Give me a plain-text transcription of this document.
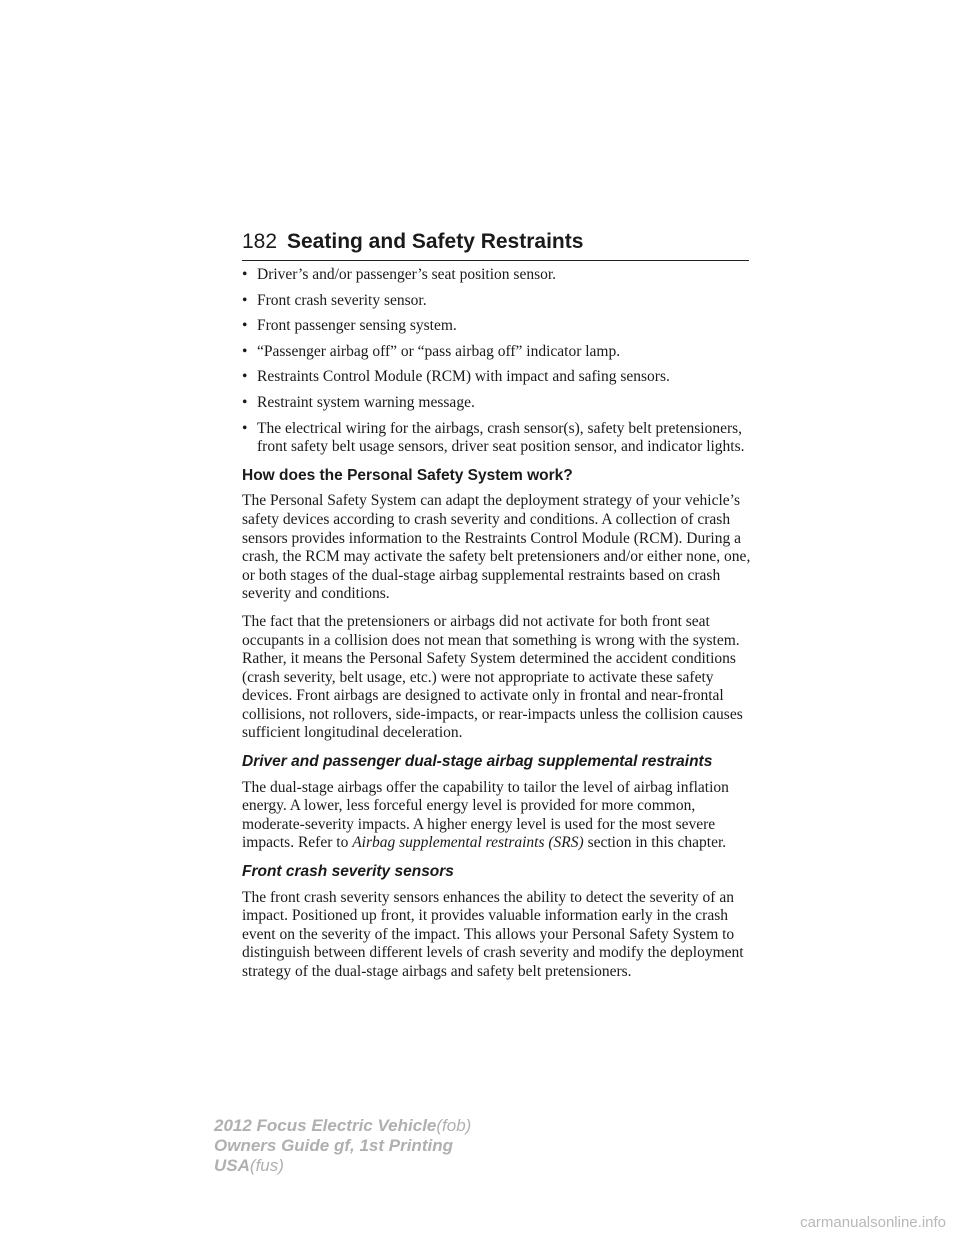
182 Seating and Safety Restraints
• Driver’s and/or passenger’s seat position sensor.
• Front crash severity sensor.
• Front passenger sensing system.
• “Passenger airbag off” or “pass airbag off” indicator lamp.
• Restraints Control Module (RCM) with impact and safing sensors.
• Restraint system warning message.
• The electrical wiring for the airbags, crash sensor(s), safety belt pretensioners, front safety belt usage sensors, driver seat position sensor, and indicator lights.
How does the Personal Safety System work?

The Personal Safety System can adapt the deployment strategy of your vehicle’s safety devices according to crash severity and conditions. A collection of crash sensors provides information to the Restraints Control Module (RCM). During a crash, the RCM may activate the safety belt pretensioners and/or either none, one, or both stages of the dual-stage airbag supplemental restraints based on crash severity and conditions.

The fact that the pretensioners or airbags did not activate for both front seat occupants in a collision does not mean that something is wrong with the system. Rather, it means the Personal Safety System determined the accident conditions (crash severity, belt usage, etc.) were not appropriate to activate these safety devices. Front airbags are designed to activate only in frontal and near-frontal collisions, not rollovers, side-impacts, or rear-impacts unless the collision causes sufficient longitudinal deceleration.

Driver and passenger dual-stage airbag supplemental restraints

The dual-stage airbags offer the capability to tailor the level of airbag inflation energy. A lower, less forceful energy level is provided for more common, moderate-severity impacts. A higher energy level is used for the most severe impacts. Refer to Airbag supplemental restraints (SRS) section in this chapter.

Front crash severity sensors

The front crash severity sensors enhances the ability to detect the severity of an impact. Positioned up front, it provides valuable information early in the crash event on the severity of the impact. This allows your Personal Safety System to distinguish between different levels of crash severity and modify the deployment strategy of the dual-stage airbags and safety belt pretensioners.

2012 Focus Electric Vehicle(fob)
Owners Guide gf, 1st Printing
USA(fus)
carmanualsonline.info
